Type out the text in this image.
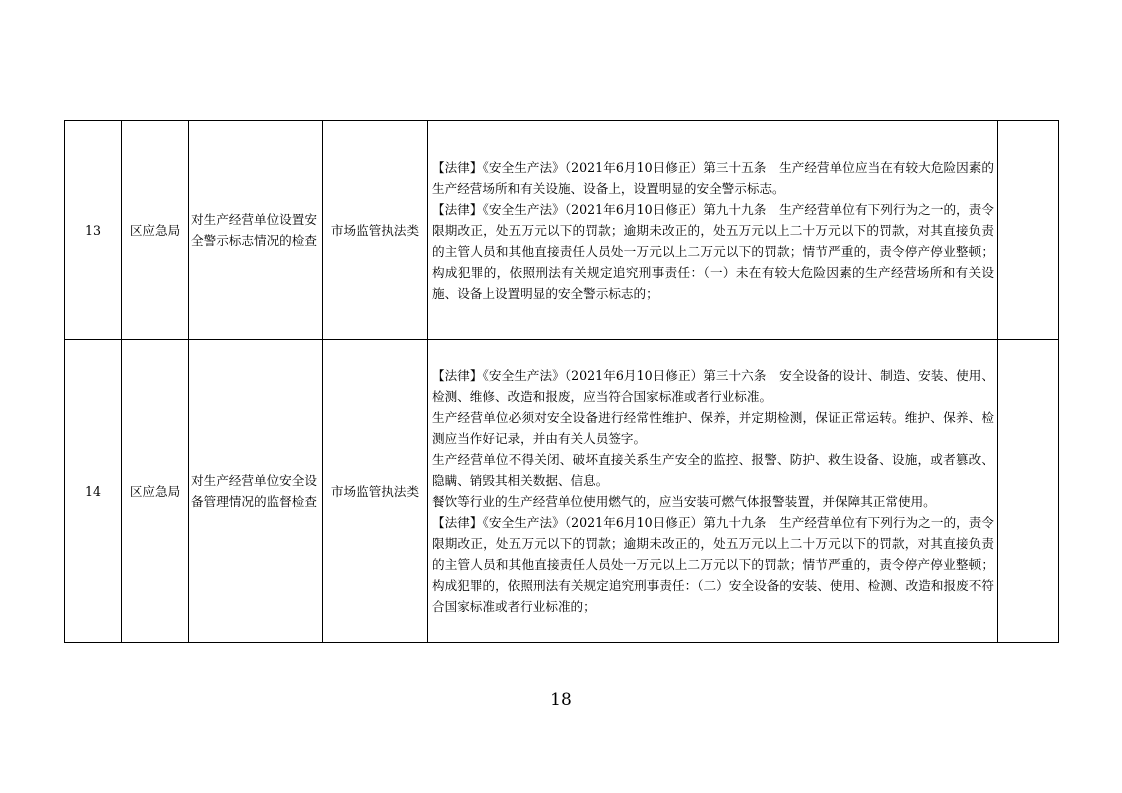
13	区应急局	对生产经营单位设置安全警示标志情况的检查	市场监管执法类	【法律】《安全生产法》（2021年6月10日修正）第三十五条　生产经营单位应当在有较大危险因素的生产经营场所和有关设施、设备上，设置明显的安全警示标志。
【法律】《安全生产法》（2021年6月10日修正）第九十九条　生产经营单位有下列行为之一的，责令限期改正，处五万元以下的罚款；逾期未改正的，处五万元以上二十万元以下的罚款，对其直接负责的主管人员和其他直接责任人员处一万元以上二万元以下的罚款；情节严重的，责令停产停业整顿；构成犯罪的，依照刑法有关规定追究刑事责任：（一）未在有较大危险因素的生产经营场所和有关设施、设备上设置明显的安全警示标志的；	

14	区应急局	对生产经营单位安全设备管理情况的监督检查	市场监管执法类	【法律】《安全生产法》（2021年6月10日修正）第三十六条　安全设备的设计、制造、安装、使用、检测、维修、改造和报废，应当符合国家标准或者行业标准。
生产经营单位必须对安全设备进行经常性维护、保养，并定期检测，保证正常运转。维护、保养、检测应当作好记录，并由有关人员签字。
生产经营单位不得关闭、破坏直接关系生产安全的监控、报警、防护、救生设备、设施，或者篡改、隐瞒、销毁其相关数据、信息。
餐饮等行业的生产经营单位使用燃气的，应当安装可燃气体报警装置，并保障其正常使用。
【法律】《安全生产法》（2021年6月10日修正）第九十九条　生产经营单位有下列行为之一的，责令限期改正，处五万元以下的罚款；逾期未改正的，处五万元以上二十万元以下的罚款，对其直接负责的主管人员和其他直接责任人员处一万元以上二万元以下的罚款；情节严重的，责令停产停业整顿；构成犯罪的，依照刑法有关规定追究刑事责任：（二）安全设备的安装、使用、检测、改造和报废不符合国家标准或者行业标准的；	

18
